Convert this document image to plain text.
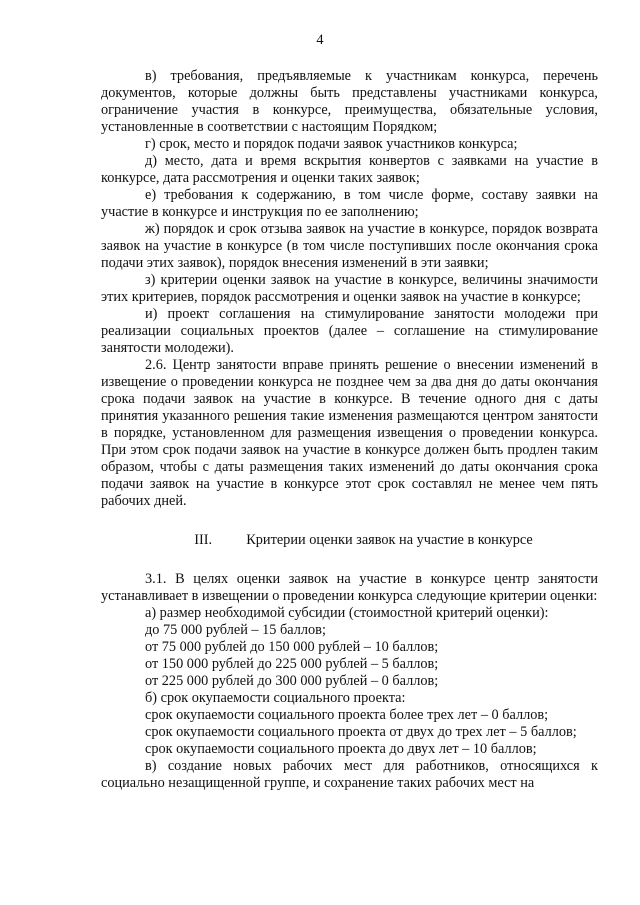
4

в) требования, предъявляемые к участникам конкурса, перечень документов, которые должны быть представлены участниками конкурса, ограничение участия в конкурсе, преимущества, обязательные условия, установленные в соответствии с настоящим Порядком;

г) срок, место и порядок подачи заявок участников конкурса;

д) место, дата и время вскрытия конвертов с заявками на участие в конкурсе, дата рассмотрения и оценки таких заявок;

е) требования к содержанию, в том числе форме, составу заявки на участие в конкурсе и инструкция по ее заполнению;

ж) порядок и срок отзыва заявок на участие в конкурсе, порядок возврата заявок на участие в конкурсе (в том числе поступивших после окончания срока подачи этих заявок), порядок внесения изменений в эти заявки;

з) критерии оценки заявок на участие в конкурсе, величины значимости этих критериев, порядок рассмотрения и оценки заявок на участие в конкурсе;

и) проект соглашения на стимулирование занятости молодежи при реализации социальных проектов (далее – соглашение на стимулирование занятости молодежи).

2.6. Центр занятости вправе принять решение о внесении изменений в извещение о проведении конкурса не позднее чем за два дня до даты окончания срока подачи заявок на участие в конкурсе. В течение одного дня с даты принятия указанного решения такие изменения размещаются центром занятости в порядке, установленном для размещения извещения о проведении конкурса. При этом срок подачи заявок на участие в конкурсе должен быть продлен таким образом, чтобы с даты размещения таких изменений до даты окончания срока подачи заявок на участие в конкурсе этот срок составлял не менее чем пять рабочих дней.

III. Критерии оценки заявок на участие в конкурсе

3.1. В целях оценки заявок на участие в конкурсе центр занятости устанавливает в извещении о проведении конкурса следующие критерии оценки:

а) размер необходимой субсидии (стоимостной критерий оценки):

до 75 000 рублей – 15 баллов;

от 75 000 рублей до 150 000 рублей – 10 баллов;

от 150 000 рублей до 225 000 рублей – 5 баллов;

от 225 000 рублей до 300 000 рублей – 0 баллов;

б) срок окупаемости социального проекта:

срок окупаемости социального проекта более трех лет – 0 баллов;

срок окупаемости социального проекта от двух до трех лет – 5 баллов;

срок окупаемости социального проекта до двух лет – 10 баллов;

в) создание новых рабочих мест для работников, относящихся к социально незащищенной группе, и сохранение таких рабочих мест на
